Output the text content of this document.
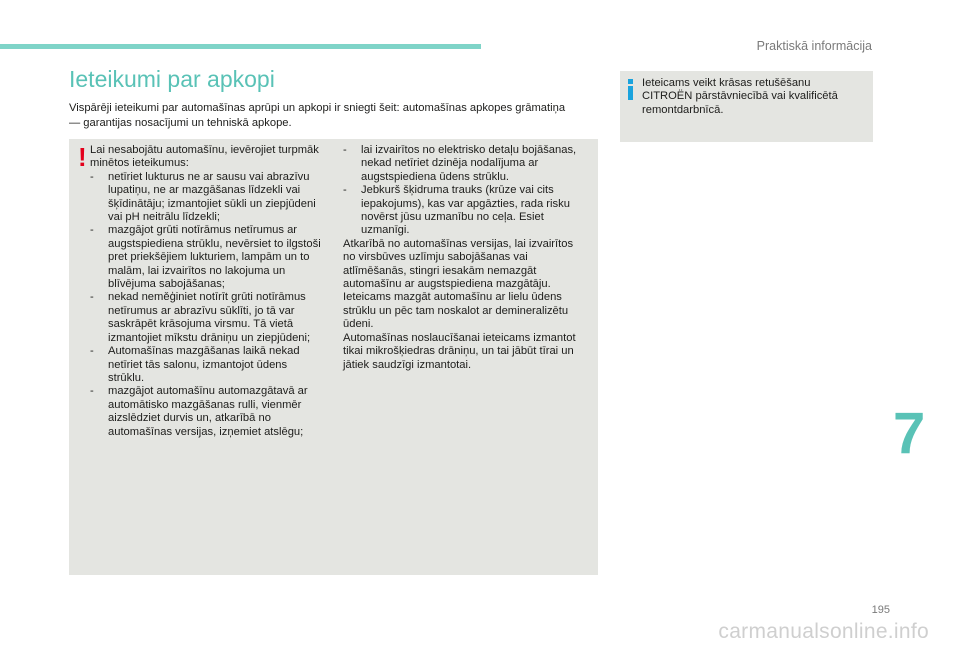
Praktiskā informācija
Ieteikumi par apkopi

Vispārēji ieteikumi par automašīnas aprūpi un apkopi ir sniegti šeit: automašīnas apkopes grāmatiņa — garantijas nosacījumi un tehniskā apkope.

! Lai nesabojātu automašīnu, ievērojiet turpmāk minētos ieteikumus:

-	netīriet lukturus ne ar sausu vai abrazīvu lupatiņu, ne ar mazgāšanas līdzekli vai šķīdinātāju; izmantojiet sūkli un ziepjūdeni vai pH neitrālu līdzekli;
-	mazgājot grūti notīrāmus netīrumus ar augstspiediena strūklu, nevērsiet to ilgstoši pret priekšējiem lukturiem, lampām un to malām, lai izvairītos no lakojuma un blīvējuma sabojāšanas;
-	nekad neměģiniet notīrīt grūti notīrāmus netīrumus ar abrazīvu sūklīti, jo tā var saskrāpēt krāsojuma virsmu. Tā vietā izmantojiet mīkstu drāniņu un ziepjūdeni;
-	Automašīnas mazgāšanas laikā nekad netīriet tās salonu, izmantojot ūdens strūklu.
-	mazgājot automašīnu automazgātavā ar automātisko mazgāšanas rulli, vienmēr aizslēdziet durvis un, atkarībā no automašīnas versijas, izņemiet atslēgu;
-	lai izvairītos no elektrisko detaļu bojāšanas, nekad netīriet dzinēja nodalījuma ar augstspiediena ūdens strūklu.
-	Jebkurš šķidruma trauks (krūze vai cits iepakojums), kas var apgāzties, rada risku novērst jūsu uzmanību no ceļa. Esiet uzmanīgi.

Atkarībā no automašīnas versijas, lai izvairītos no virsbūves uzlīmju sabojāšanas vai atlīmēšanās, stingri iesakām nemazgāt automašīnu ar augstspiediena mazgātāju.

Ieteicams mazgāt automašīnu ar lielu ūdens strūklu un pēc tam noskalot ar demineralizētu ūdeni.

Automašīnas noslaucīšanai ieteicams izmantot tikai mikrošķiedras drāniņu, un tai jābūt tīrai un jātiek saudzīgi izmantotai.

Ieteicams veikt krāsas retušēšanu CITROËN pārstāvniecībā vai kvalificētā remontdarbnīcā.

7
195
carmanualsonline.info
